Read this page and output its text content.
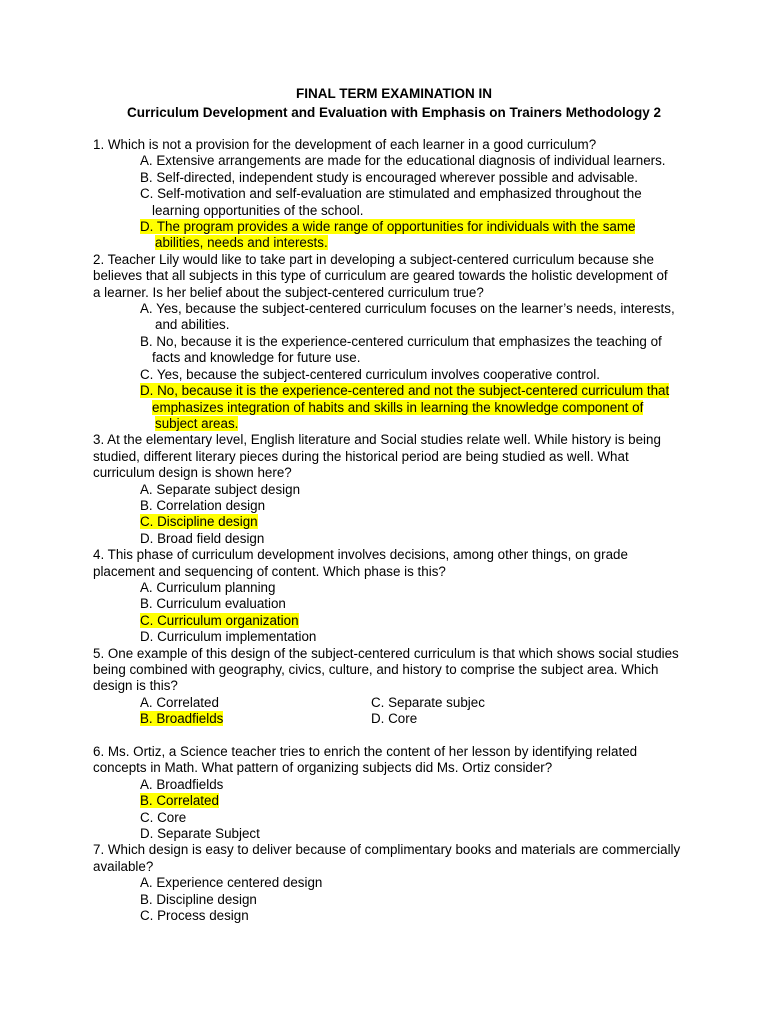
FINAL TERM EXAMINATION IN
Curriculum Development and Evaluation with Emphasis on Trainers Methodology 2

1. Which is not a provision for the development of each learner in a good curriculum?

A. Extensive arrangements are made for the educational diagnosis of individual learners.

B. Self-directed, independent study is encouraged wherever possible and advisable.

C. Self-motivation and self-evaluation are stimulated and emphasized throughout the
learning opportunities of the school.

D. The program provides a wide range of opportunities for individuals with the same
abilities, needs and interests.

2. Teacher Lily would like to take part in developing a subject-centered curriculum because she

believes that all subjects in this type of curriculum are geared towards the holistic development of

a learner. Is her belief about the subject-centered curriculum true?

A. Yes, because the subject-centered curriculum focuses on the learner’s needs, interests,
and abilities.

B. No, because it is the experience-centered curriculum that emphasizes the teaching of
facts and knowledge for future use.

C. Yes, because the subject-centered curriculum involves cooperative control.

D. No, because it is the experience-centered and not the subject-centered curriculum that
emphasizes integration of habits and skills in learning the knowledge component of
subject areas.

3. At the elementary level, English literature and Social studies relate well. While history is being

studied, different literary pieces during the historical period are being studied as well. What

curriculum design is shown here?

A. Separate subject design

B. Correlation design

C. Discipline design

D. Broad field design

4. This phase of curriculum development involves decisions, among other things, on grade

placement and sequencing of content. Which phase is this?

A. Curriculum planning

B. Curriculum evaluation

C. Curriculum organization

D. Curriculum implementation

5. One example of this design of the subject-centered curriculum is that which shows social studies

being combined with geography, civics, culture, and history to comprise the subject area. Which

design is this?

A. Correlated	C. Separate subjec
B. Broadfields	D. Core

6. Ms. Ortiz, a Science teacher tries to enrich the content of her lesson by identifying related

concepts in Math. What pattern of organizing subjects did Ms. Ortiz consider?

A. Broadfields

B. Correlated

C. Core

D. Separate Subject

7. Which design is easy to deliver because of complimentary books and materials are commercially

available?

A. Experience centered design

B. Discipline design

C. Process design
